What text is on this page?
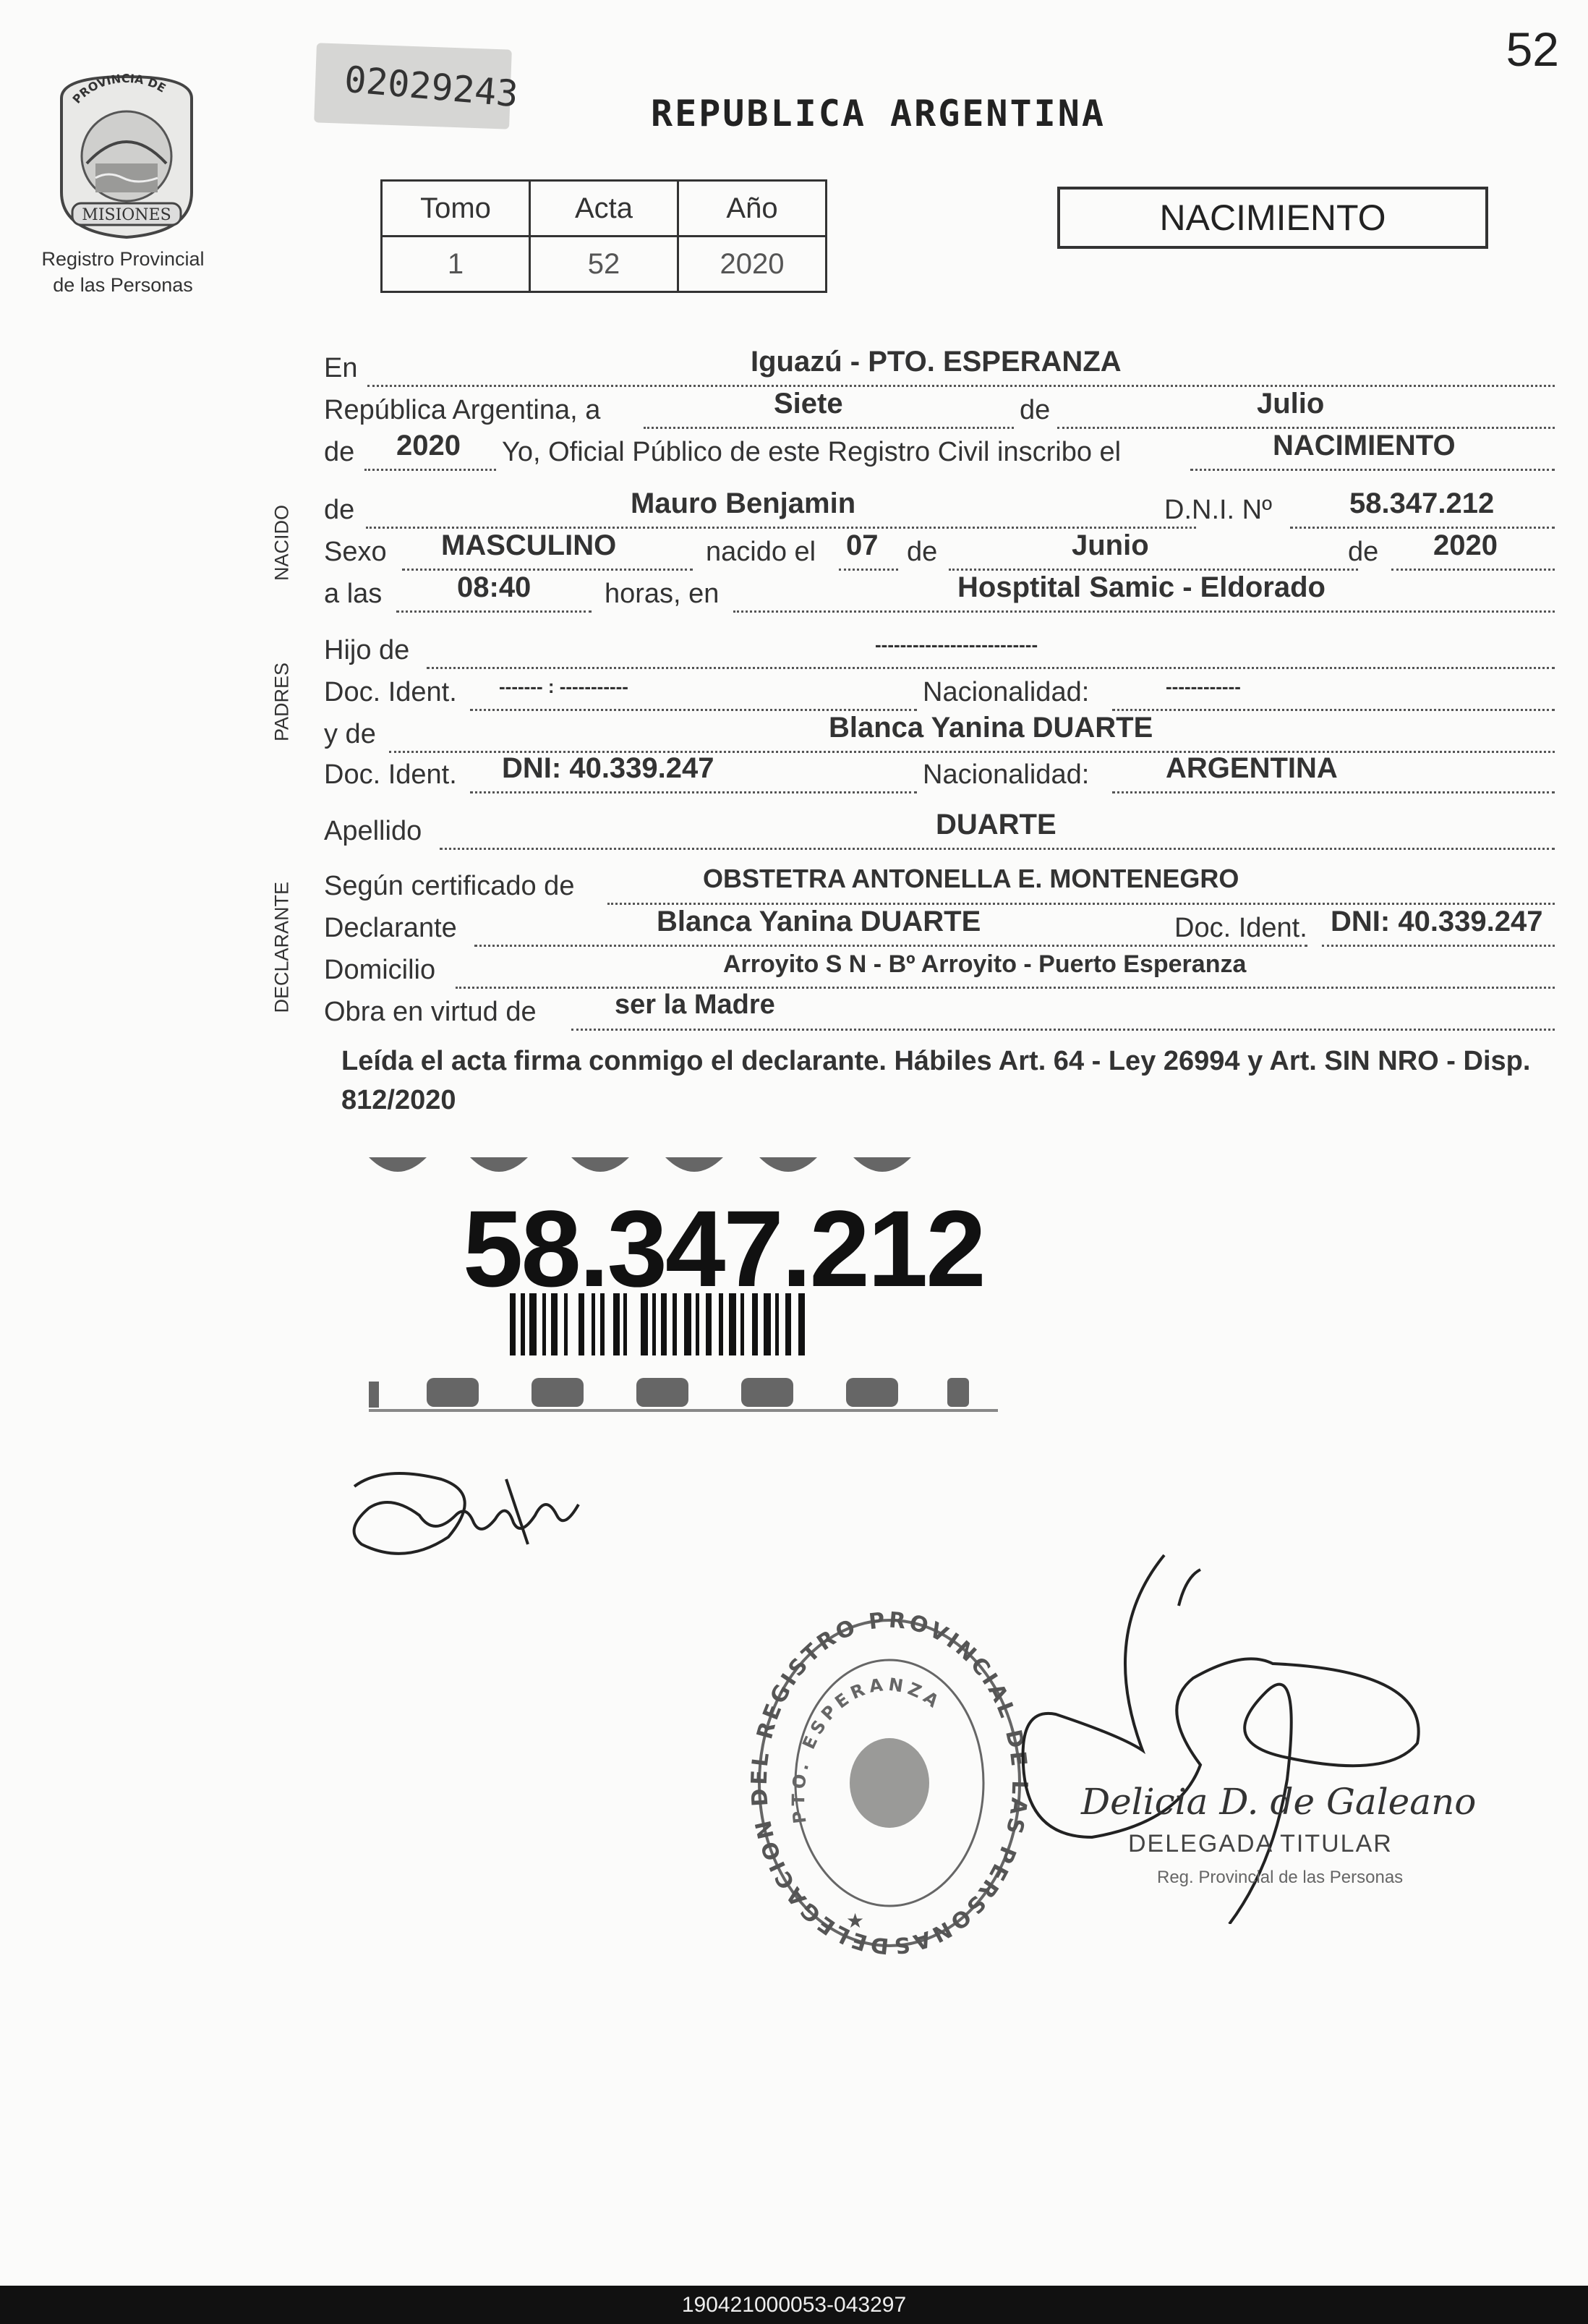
52
02029243	REPUBLICA ARGENTINA
PROVINCIA DE
MISIONES
Registro Provincial de las Personas
Tomo	Acta	Año
1	52	2020
NACIMIENTO
NACIDO
PADRES
DECLARANTE
En	Iguazú - PTO. ESPERANZA
República Argentina, a	Siete	de	Julio
de 2020 Yo, Oficial Público de este Registro Civil inscribo el	NACIMIENTO
de	Mauro Benjamin	D.N.I. Nº	58.347.212
Sexo MASCULINO	nacido el 07 de	Junio	de 2020
a las	08:40	horas, en	Hosptital Samic - Eldorado
Hijo de	--------------------------
Doc. Ident. ------- : -----------	Nacionalidad:	------------
y de	Blanca Yanina DUARTE
Doc. Ident. DNI: 40.339.247	Nacionalidad:	ARGENTINA
Apellido	DUARTE
Según certificado de	OBSTETRA ANTONELLA E. MONTENEGRO
Declarante	Blanca Yanina DUARTE	Doc. Ident. DNI: 40.339.247
Domicilio	Arroyito S N - Bº Arroyito - Puerto Esperanza
Obra en virtud de	ser la Madre
Leída el acta firma conmigo el declarante. Hábiles Art. 64 - Ley 26994 y Art. SIN NRO - Disp. 812/2020
58.347.212
DELEGACION DEL REGISTRO PROVINCIAL DE LAS PERSONAS
PTO. ESPERANZA
★
Delicia D. de Galeano
DELEGADA TITULAR
Reg. Provincial de las Personas
190421000053-043297
